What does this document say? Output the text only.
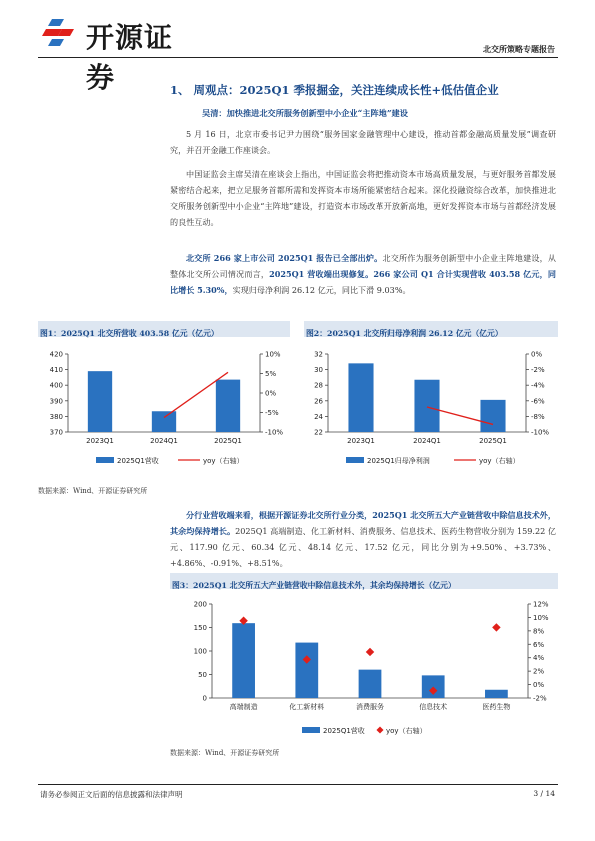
开源证券
北交所策略专题报告
1、 周观点：2025Q1 季报掘金，关注连续成长性+低估值企业
吴清：加快推进北交所服务创新型中小企业“主阵地”建设
5 月 16 日，北京市委书记尹力围绕“服务国家金融管理中心建设，推动首都金融高质量发展”调查研究，并召开金融工作座谈会。
中国证监会主席吴清在座谈会上指出，中国证监会将把推动资本市场高质量发展，与更好服务首都发展紧密结合起来，把立足服务首都所需和发挥资本市场所能紧密结合起来。深化投融资综合改革，加快推进北交所服务创新型中小企业“主阵地”建设，打造资本市场改革开放新高地，更好发挥资本市场与首都经济发展的良性互动。
北交所 266 家上市公司 2025Q1 报告已全部出炉。北交所作为服务创新型中小企业主阵地建设，从整体北交所公司情况而言，2025Q1 营收端出现修复。266 家公司 Q1 合计实现营收 403.58 亿元，同比增长 5.30%，实现归母净利润 26.12 亿元，同比下滑 9.03%。
图1：2025Q1 北交所营收 403.58 亿元（亿元）
370
380
390
400
410
420
-10%
-5%
0%
5%
10%
2023Q1	2024Q1	2025Q1
2025Q1营收	yoy（右轴）
图2：2025Q1 北交所归母净利润 26.12 亿元（亿元）
22
24
26
28
30
32
-10%
-8%
-6%
-4%
-2%
0%
2023Q1	2024Q1	2025Q1
2025Q1归母净利润	yoy（右轴）
数据来源：Wind、开源证券研究所
分行业营收端来看，根据开源证券北交所行业分类，2025Q1 北交所五大产业链营收中除信息技术外，其余均保持增长。2025Q1 高端制造、化工新材料、消费服务、信息技术、医药生物营收分别为 159.22 亿元、117.90 亿元、60.34 亿元、48.14 亿元、17.52 亿元，同比分别为+9.50%、+3.73%、+4.86%、-0.91%、+8.51%。
图3：2025Q1 北交所五大产业链营收中除信息技术外，其余均保持增长（亿元）
0
50
100
150
200
-2%
0%
2%
4%
6%
8%
10%
12%
高端制造	化工新材料	消费服务	信息技术	医药生物
2025Q1营收	yoy（右轴）
数据来源：Wind、开源证券研究所
请务必参阅正文后面的信息披露和法律声明	3 / 14
